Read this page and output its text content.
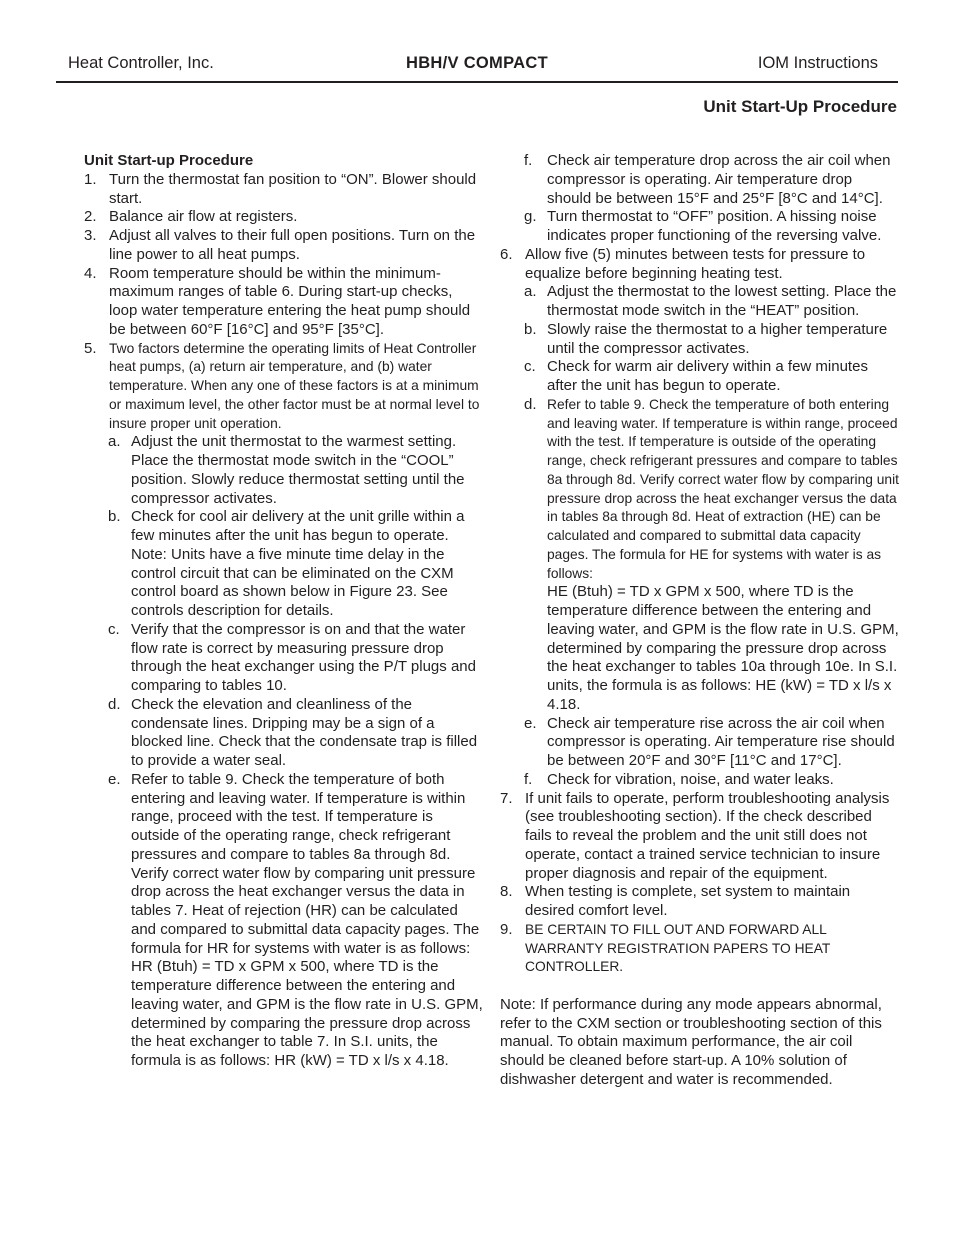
Heat Controller, Inc.	HBH/V COMPACT	IOM Instructions
Unit Start-Up Procedure
Unit Start-up Procedure
1. Turn the thermostat fan position to “ON”. Blower should start.
2. Balance air flow at registers.
3. Adjust all valves to their full open positions. Turn on the line power to all heat pumps.
4. Room temperature should be within the minimum-maximum ranges of table 6. During start-up checks, loop water temperature entering the heat pump should be between 60°F [16°C] and 95°F [35°C].
5. Two factors determine the operating limits of Heat Controller heat pumps, (a) return air temperature, and (b) water temperature. When any one of these factors is at a minimum or maximum level, the other factor must be at normal level to insure proper unit operation.
a. Adjust the unit thermostat to the warmest setting. Place the thermostat mode switch in the “COOL” position. Slowly reduce thermostat setting until the compressor activates.
b. Check for cool air delivery at the unit grille within a few minutes after the unit has begun to operate. Note: Units have a five minute time delay in the control circuit that can be eliminated on the CXM control board as shown below in Figure 23. See controls description for details.
c. Verify that the compressor is on and that the water flow rate is correct by measuring pressure drop through the heat exchanger using the P/T plugs and comparing to tables 10.
d. Check the elevation and cleanliness of the condensate lines. Dripping may be a sign of a blocked line. Check that the condensate trap is filled to provide a water seal.
e. Refer to table 9. Check the temperature of both entering and leaving water. If temperature is within range, proceed with the test. If temperature is outside of the operating range, check refrigerant pressures and compare to tables 8a through 8d. Verify correct water flow by comparing unit pressure drop across the heat exchanger versus the data in tables 7. Heat of rejection (HR) can be calculated and compared to submittal data capacity pages. The formula for HR for systems with water is as follows:
HR (Btuh) = TD x GPM x 500, where TD is the temperature difference between the entering and leaving water, and GPM is the flow rate in U.S. GPM, determined by comparing the pressure drop across the heat exchanger to table 7. In S.I. units, the formula is as follows: HR (kW) = TD x l/s x 4.18.
f. Check air temperature drop across the air coil when compressor is operating. Air temperature drop should be between 15°F and 25°F [8°C and 14°C].
g. Turn thermostat to “OFF” position. A hissing noise indicates proper functioning of the reversing valve.
6. Allow five (5) minutes between tests for pressure to equalize before beginning heating test.
a. Adjust the thermostat to the lowest setting. Place the thermostat mode switch in the “HEAT” position.
b. Slowly raise the thermostat to a higher temperature until the compressor activates.
c. Check for warm air delivery within a few minutes after the unit has begun to operate.
d. Refer to table 9. Check the temperature of both entering and leaving water. If temperature is within range, proceed with the test. If temperature is outside of the operating range, check refrigerant pressures and compare to tables 8a through 8d. Verify correct water flow by comparing unit pressure drop across the heat exchanger versus the data in tables 8a through 8d. Heat of extraction (HE) can be calculated and compared to submittal data capacity pages. The formula for HE for systems with water is as follows:
HE (Btuh) = TD x GPM x 500, where TD is the temperature difference between the entering and leaving water, and GPM is the flow rate in U.S. GPM, determined by comparing the pressure drop across the heat exchanger to tables 10a through 10e. In S.I. units, the formula is as follows: HE (kW) = TD x l/s x 4.18.
e. Check air temperature rise across the air coil when compressor is operating. Air temperature rise should be between 20°F and 30°F [11°C and 17°C].
f. Check for vibration, noise, and water leaks.
7. If unit fails to operate, perform troubleshooting analysis (see troubleshooting section). If the check described fails to reveal the problem and the unit still does not operate, contact a trained service technician to insure proper diagnosis and repair of the equipment.
8. When testing is complete, set system to maintain desired comfort level.
9. BE CERTAIN TO FILL OUT AND FORWARD ALL WARRANTY REGISTRATION PAPERS TO HEAT CONTROLLER.
Note: If performance during any mode appears abnormal, refer to the CXM section or troubleshooting section of this manual. To obtain maximum performance, the air coil should be cleaned before start-up. A 10% solution of dishwasher detergent and water is recommended.
